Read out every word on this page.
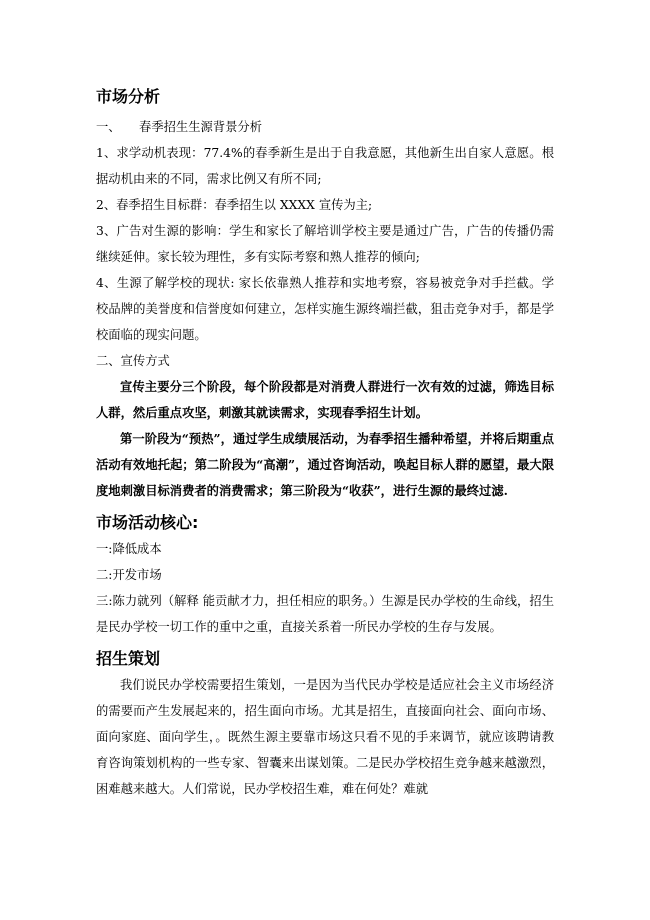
市场分析

一、　　春季招生生源背景分析

1、求学动机表现：77.4%的春季新生是出于自我意愿，其他新生出自家人意愿。根据动机由来的不同，需求比例又有所不同;

2、春季招生目标群：春季招生以 XXXX 宣传为主;

3、广告对生源的影响：学生和家长了解培训学校主要是通过广告，广告的传播仍需继续延伸。家长较为理性，多有实际考察和熟人推荐的倾向;

4、生源了解学校的现状: 家长依靠熟人推荐和实地考察，容易被竞争对手拦截。学校品牌的美誉度和信誉度如何建立，怎样实施生源终端拦截，狙击竞争对手，都是学校面临的现实问题。

二、宣传方式

宣传主要分三个阶段，每个阶段都是对消费人群进行一次有效的过滤，筛选目标人群，然后重点攻坚，刺激其就读需求，实现春季招生计划。

第一阶段为“预热”，通过学生成绩展活动，为春季招生播种希望，并将后期重点活动有效地托起；第二阶段为“高潮”，通过咨询活动，唤起目标人群的愿望，最大限度地刺激目标消费者的消费需求；第三阶段为“收获”，进行生源的最终过滤.

市场活动核心:

一:降低成本

二:开发市场

三:陈力就列（解释 能贡献才力，担任相应的职务。）生源是民办学校的生命线，招生是民办学校一切工作的重中之重，直接关系着一所民办学校的生存与发展。

招生策划

我们说民办学校需要招生策划，一是因为当代民办学校是适应社会主义市场经济的需要而产生发展起来的，招生面向市场。尤其是招生，直接面向社会、面向市场、面向家庭、面向学生，。既然生源主要靠市场这只看不见的手来调节，就应该聘请教育咨询策划机构的一些专家、智囊来出谋划策。二是民办学校招生竞争越来越激烈，困难越来越大。人们常说，民办学校招生难，难在何处？难就
